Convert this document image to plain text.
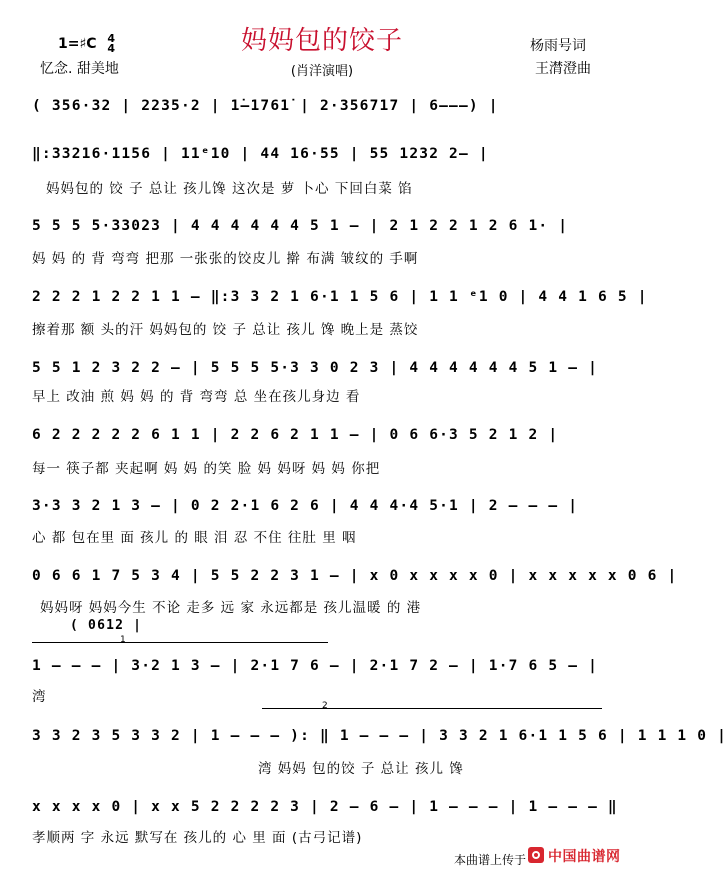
妈妈包的饺子
1=♯C 4
4
忆念. 甜美地	(肖洋演唱)
杨雨号词
王潸澄曲
( 356·32 | 2235·2 | 1̇–1761̇ | 2·356717 | 6–––) |
‖:33216·1156 | 11ᵉ10 | 44 16·55 | 55 1232 2– |
妈妈包的 饺 子 总让 孩儿馋 这次是 萝 卜心 下回白菜 馅
5 5 5 5·33023 | 4 4 4 4 4 4 5 1 – | 2 1 2 2 1 2 6 1· |
妈 妈 的 背 弯弯 把那 一张张的饺皮儿 擀 布满 皱纹的 手啊
2 2 2 1 2 2 1 1 – ‖:3 3 2 1 6·1 1 5 6 | 1 1 ᵉ1 0 | 4 4 1 6 5 |
擦着那 额 头的汗 妈妈包的 饺 子 总让 孩儿 馋 晚上是 蒸饺
5 5 1 2 3 2 2 – | 5 5 5 5·3 3 0 2 3 | 4 4 4 4 4 4 5 1 – |
早上 改油 煎 妈 妈 的 背 弯弯 总 坐在孩儿身边 看
6 2 2 2 2 2 6 1 1 | 2 2 6 2 1 1 – | 0 6 6·3 5 2 1 2 |
每一 筷子都 夹起啊 妈 妈 的笑 脸 妈 妈呀 妈 妈 你把
3·3 3 2 1 3 – | 0 2 2·1 6 2 6 | 4 4 4·4 5·1 | 2 – – – |
心 都 包在里 面 孩儿 的 眼 泪 忍 不住 往肚 里 咽
0 6 6 1 7 5 3 4 | 5 5 2 2 3 1 – | x 0 x x x x 0 | x x x x x 0 6 |
妈妈呀 妈妈今生 不论 走多 远 家 永远都是 孩儿温暖 的 港
( 0612 |
1
1 – – – | 3·2 1 3 – | 2·1 7 6 – | 2·1 7 2 – | 1·7 6 5 – |
湾
2
3 3 2 3 5 3 3 2 | 1 – – – ): ‖ 1 – – – | 3 3 2 1 6·1 1 5 6 | 1 1 1 0 |
湾 妈妈 包的饺 子 总让 孩儿 馋
x x x x 0 | x x 5 2 2 2 2 3 | 2 – 6 – | 1 – – – | 1 – – – ‖
孝顺两 字 永远 默写在 孩儿的 心 里 面 (古弓记谱)
本曲谱上传于 中国曲谱网
